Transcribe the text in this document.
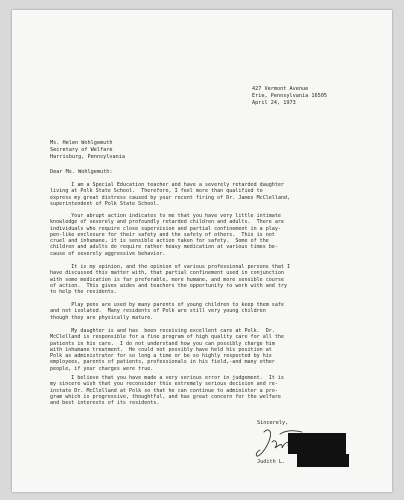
427 Vermont Avenue
Erie, Pennsylvania 16505
April 24, 1973
Ms. Helen Wohlgemuth
Secretary of Welfare
Harrisburg, Pennsylvania
Dear Ms. Wohlgemuth:
I am a Special Education teacher and have a severely retarded daughter
living at Polk State School.  Therefore, I feel more than qualified to
express my great distress caused by your recent firing of Dr. James McClelland,
superintendent of Polk State School.
Your abrupt action indicates to me that you have very little intimate
knowledge of severely and profoundly retarded children and adults.  There are
individuals who require close supervision and partial confinement in a play-
pen-like enclosure for their safety and the safety of others.  This is not
cruel and inhumane, it is sensible action taken for safety.  Some of the
children and adults do require rather heavy medication at various times be-
cause of severely aggressive behavior.
It is my opinion, and the opinion of various professional persons that I
have discussed this matter with, that partial confinement used in conjunction
with some medication is far preferable, more humane, and more sensible course
of action.  This gives aides and teachers the opportunity to work with and try
to help the residents.
Play pens are used by many parents of young children to keep them safe
and not isolated.  Many residents of Polk are still very young children
though they are physically mature.
My daughter is and has  been receiving excellent care at Polk.  Dr.
McClelland is responsible for a fine program of high quality care for all the
patients in his care.  I do not understand how you can possibly charge him
with inhumane treatment.  He could not possibly have held his position at
Polk as administrator for so long a time or be so highly respected by his
employees, parents of patients, professionals in his field,-and many other
people, if your charges were true.
I believe that you have made a very serious error in judgement.  It is
my sincere wish that you reconsider this extremely serious decision and re-
instate Dr. McClelland at Polk so that he can continue to administer a pro-
gram which is progressive, thoughtful, and has great concern for the welfare
and best interests of its residents.
Sincerely,
Judith L.
